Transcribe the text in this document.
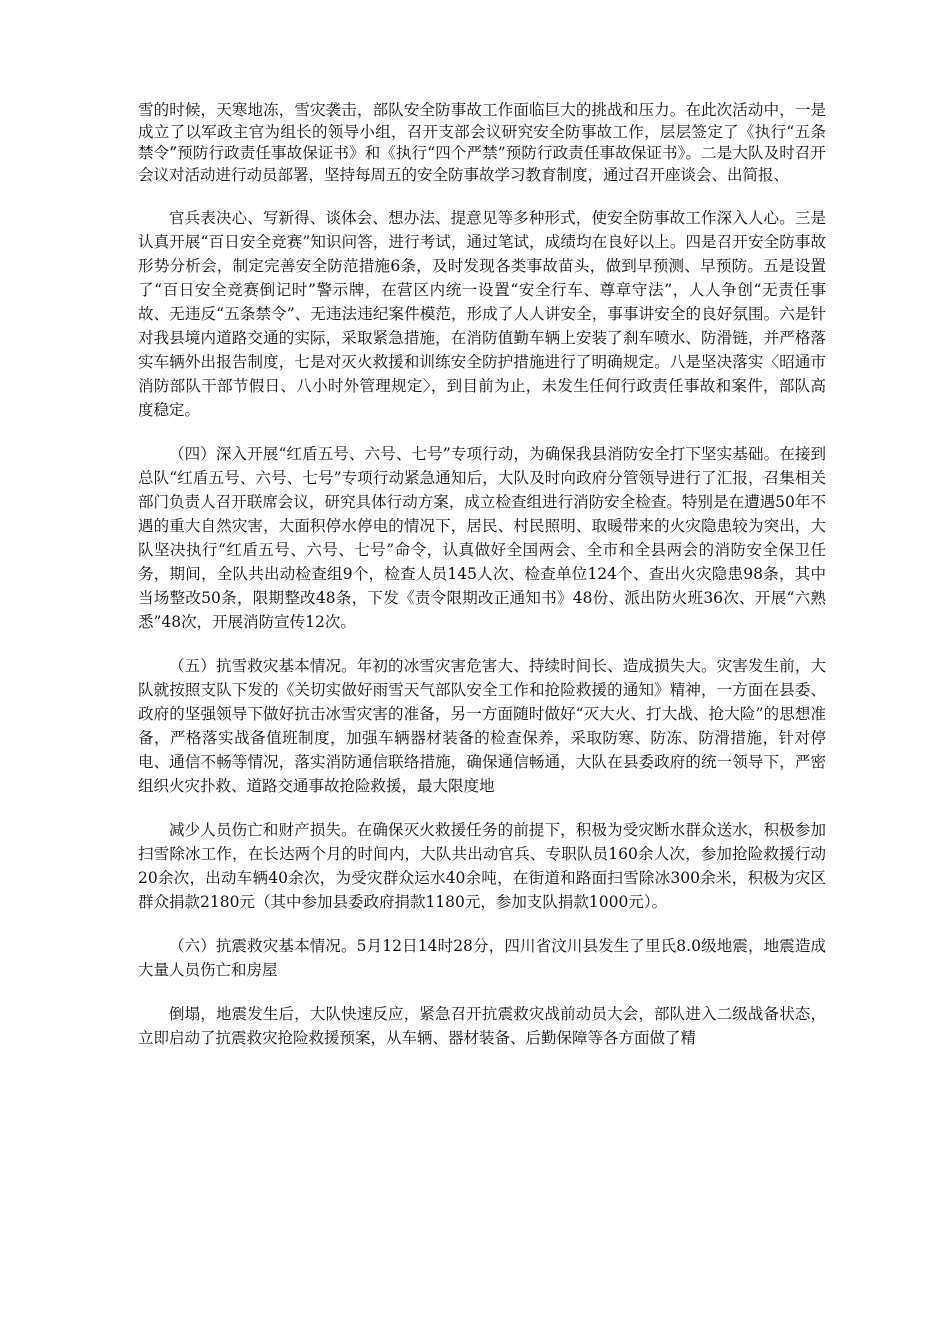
雪的时候，天寒地冻，雪灾袭击，部队安全防事故工作面临巨大的挑战和压力。在此次活动中，一是成立了以军政主官为组长的领导小组，召开支部会议研究安全防事故工作，层层签定了《执行“五条禁令”预防行政责任事故保证书》和《执行“四个严禁”预防行政责任事故保证书》。二是大队及时召开会议对活动进行动员部署，坚持每周五的安全防事故学习教育制度，通过召开座谈会、出简报、

官兵表决心、写新得、谈体会、想办法、提意见等多种形式，使安全防事故工作深入人心。三是认真开展“百日安全竞赛”知识问答，进行考试，通过笔试，成绩均在良好以上。四是召开安全防事故形势分析会，制定完善安全防范措施6条，及时发现各类事故苗头，做到早预测、早预防。五是设置了“百日安全竞赛倒记时”警示牌，在营区内统一设置“安全行车、尊章守法”，人人争创“无责任事故、无违反“五条禁令”、无违法违纪案件模范，形成了人人讲安全，事事讲安全的良好氛围。六是针对我县境内道路交通的实际，采取紧急措施，在消防值勤车辆上安装了刹车喷水、防滑链，并严格落实车辆外出报告制度，七是对灭火救援和训练安全防护措施进行了明确规定。八是坚决落实〈昭通市消防部队干部节假日、八小时外管理规定〉，到目前为止，未发生任何行政责任事故和案件，部队高度稳定。

（四）深入开展“红盾五号、六号、七号”专项行动，为确保我县消防安全打下坚实基础。在接到总队“红盾五号、六号、七号”专项行动紧急通知后，大队及时向政府分管领导进行了汇报，召集相关部门负责人召开联席会议，研究具体行动方案，成立检查组进行消防安全检查。特别是在遭遇50年不遇的重大自然灾害，大面积停水停电的情况下，居民、村民照明、取暖带来的火灾隐患较为突出，大队坚决执行“红盾五号、六号、七号”命令，认真做好全国两会、全市和全县两会的消防安全保卫任务，期间，全队共出动检查组9个，检查人员145人次、检查单位124个、查出火灾隐患98条，其中当场整改50条，限期整改48条，下发《责令限期改正通知书》48份、派出防火班36次、开展“六熟悉”48次，开展消防宣传12次。

（五）抗雪救灾基本情况。年初的冰雪灾害危害大、持续时间长、造成损失大。灾害发生前，大队就按照支队下发的《关切实做好雨雪天气部队安全工作和抢险救援的通知》精神，一方面在县委、政府的坚强领导下做好抗击冰雪灾害的准备，另一方面随时做好“灭大火、打大战、抢大险”的思想准备，严格落实战备值班制度，加强车辆器材装备的检查保养，采取防寒、防冻、防滑措施，针对停电、通信不畅等情况，落实消防通信联络措施，确保通信畅通，大队在县委政府的统一领导下，严密组织火灾扑救、道路交通事故抢险救援，最大限度地

减少人员伤亡和财产损失。在确保灭火救援任务的前提下，积极为受灾断水群众送水，积极参加扫雪除冰工作，在长达两个月的时间内，大队共出动官兵、专职队员160余人次，参加抢险救援行动20余次，出动车辆40余次，为受灾群众运水40余吨，在街道和路面扫雪除冰300余米，积极为灾区群众捐款2180元（其中参加县委政府捐款1180元，参加支队捐款1000元）。

（六）抗震救灾基本情况。5月12日14时28分，四川省汶川县发生了里氏8.0级地震，地震造成大量人员伤亡和房屋

倒塌，地震发生后，大队快速反应，紧急召开抗震救灾战前动员大会，部队进入二级战备状态，立即启动了抗震救灾抢险救援预案，从车辆、器材装备、后勤保障等各方面做了精
